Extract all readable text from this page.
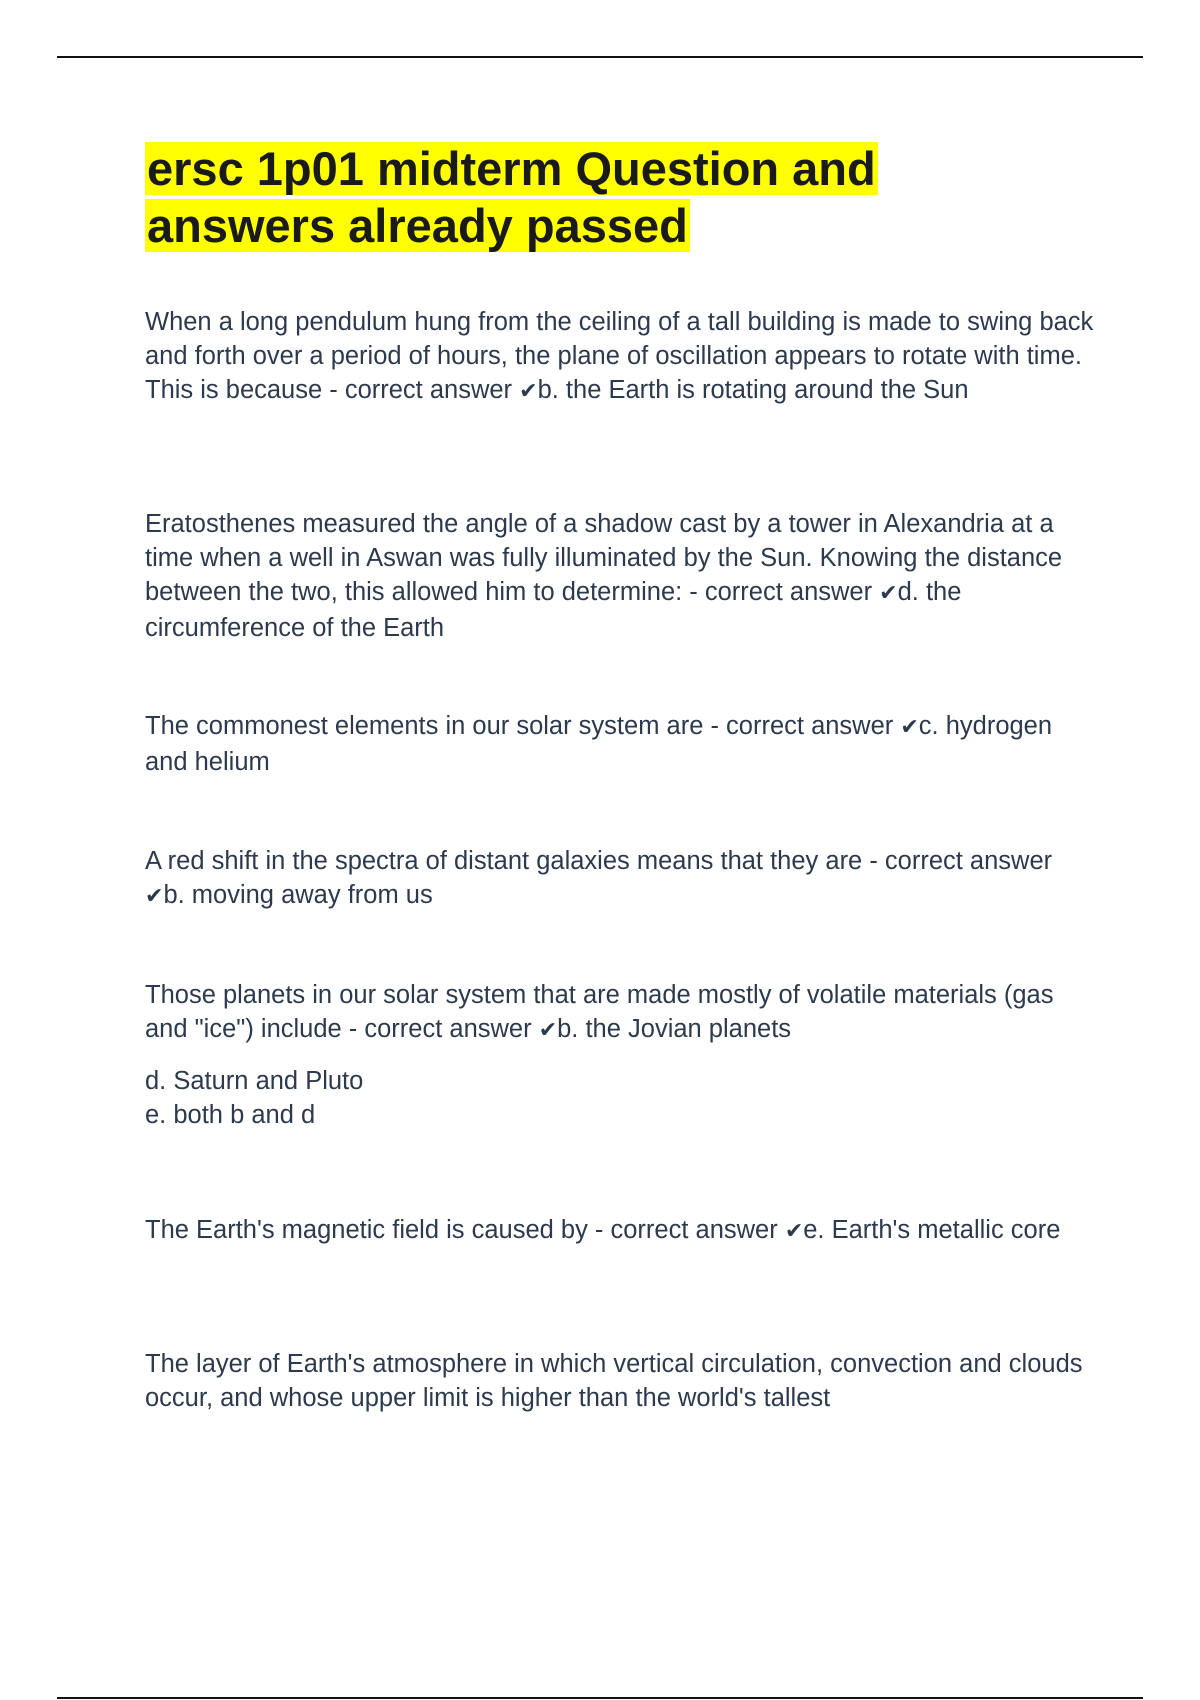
ersc 1p01 midterm Question and
answers already passed

When a long pendulum hung from the ceiling of a tall building is made to swing back and forth over a period of hours, the plane of oscillation appears to rotate with time. This is because - correct answer ✔b. the Earth is rotating around the Sun

Eratosthenes measured the angle of a shadow cast by a tower in Alexandria at a time when a well in Aswan was fully illuminated by the Sun. Knowing the distance between the two, this allowed him to determine: - correct answer ✔d. the circumference of the Earth

The commonest elements in our solar system are - correct answer ✔c. hydrogen and helium

A red shift in the spectra of distant galaxies means that they are - correct answer ✔b. moving away from us

Those planets in our solar system that are made mostly of volatile materials (gas and "ice") include - correct answer ✔b. the Jovian planets

d. Saturn and Pluto

e. both b and d

The Earth's magnetic field is caused by - correct answer ✔e. Earth's metallic core

The layer of Earth's atmosphere in which vertical circulation, convection and clouds occur, and whose upper limit is higher than the world's tallest
